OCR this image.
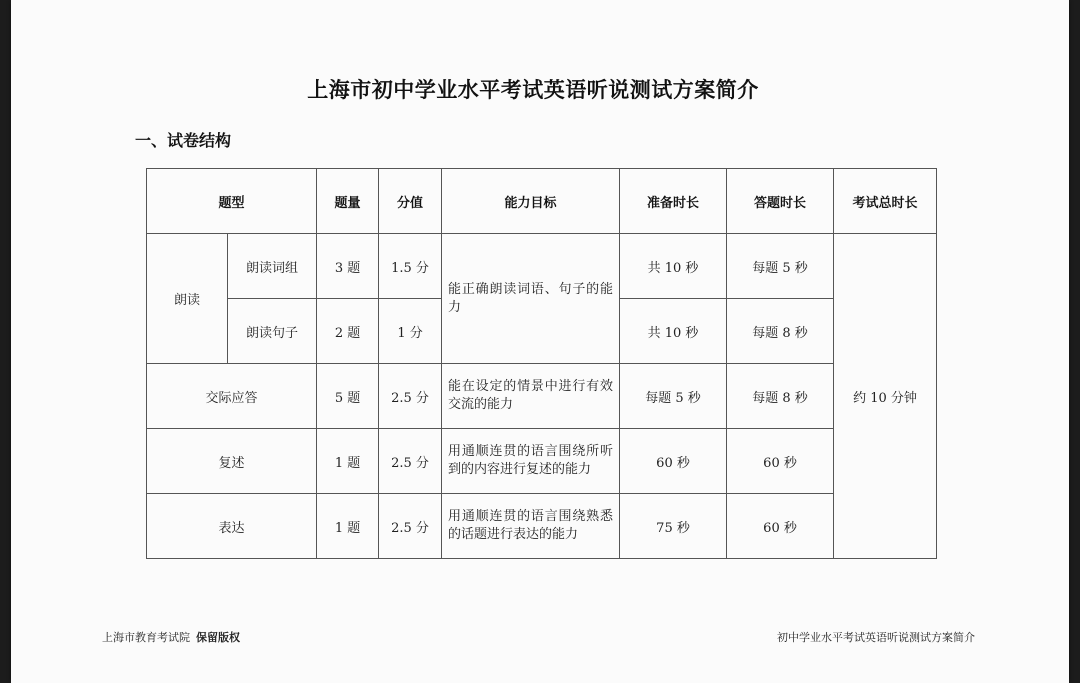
上海市初中学业水平考试英语听说测试方案简介
一、试卷结构
题型		题量	分值	能力目标	准备时长	答题时长	考试总时长
朗读	朗读词组	3 题	1.5 分	能正确朗读词语、句子的能力	共 10 秒	每题 5 秒	约 10 分钟
	朗读句子	2 题	1 分		共 10 秒	每题 8 秒	
交际应答		5 题	2.5 分	能在设定的情景中进行有效交流的能力	每题 5 秒	每题 8 秒	
复述		1 题	2.5 分	用通顺连贯的语言围绕所听到的内容进行复述的能力	60 秒	60 秒	
表达		1 题	2.5 分	用通顺连贯的语言围绕熟悉的话题进行表达的能力	75 秒	60 秒	
上海市教育考试院 保留版权	初中学业水平考试英语听说测试方案简介
